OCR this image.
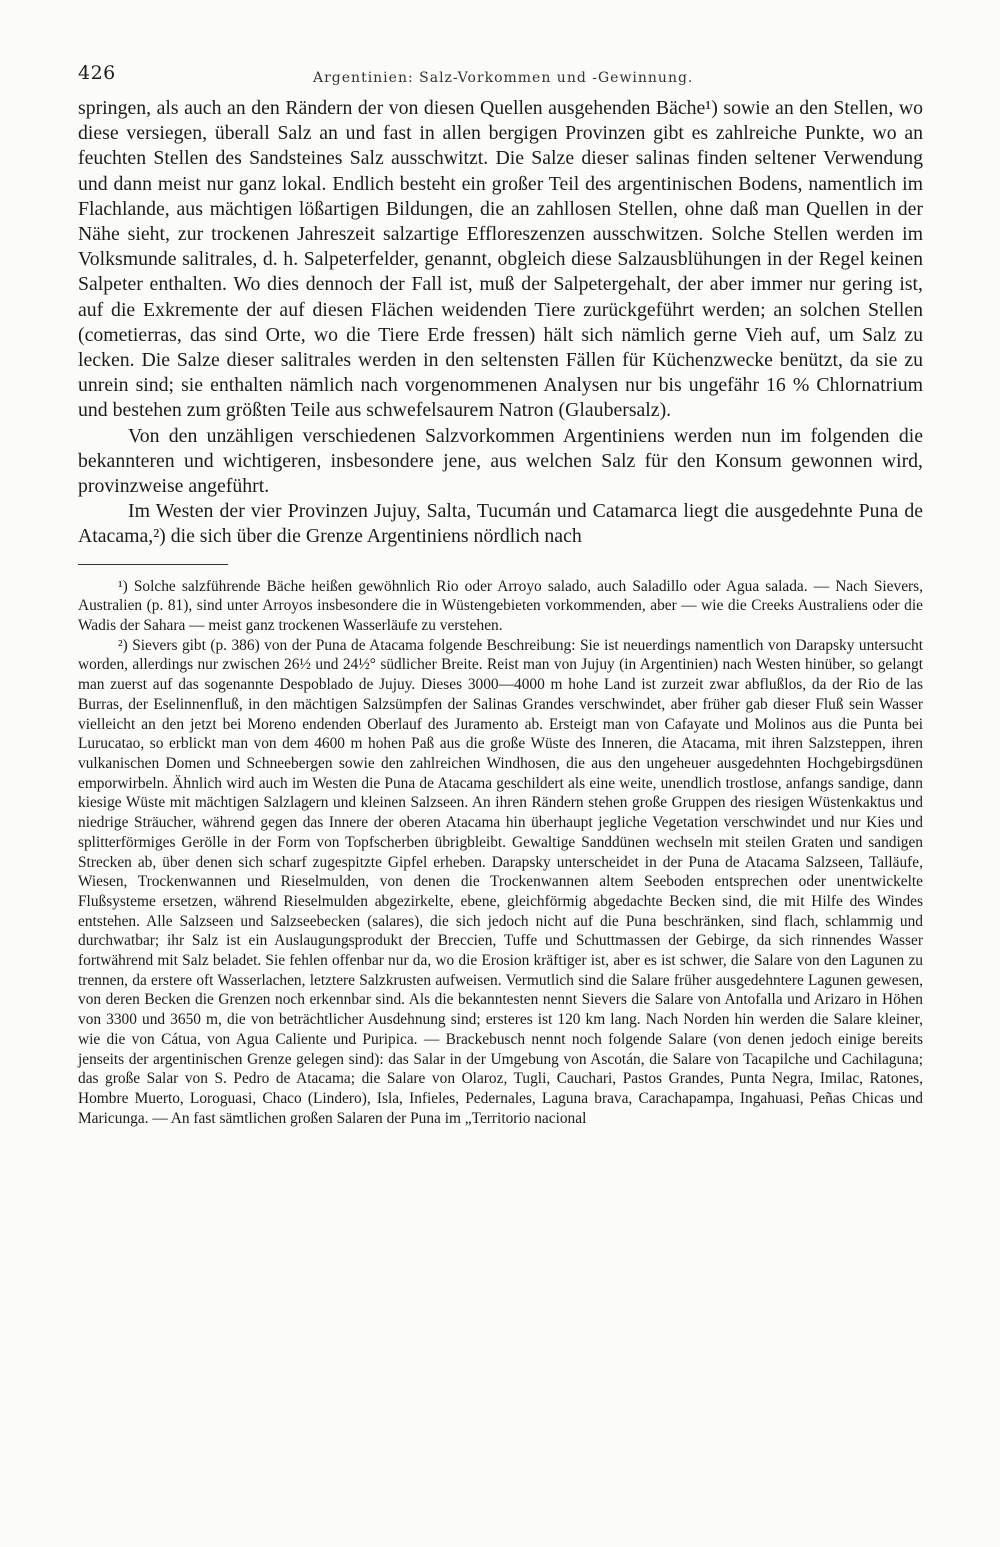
426	Argentinien: Salz-Vorkommen und -Gewinnung.

springen, als auch an den Rändern der von diesen Quellen ausgehenden Bäche¹) sowie an den Stellen, wo diese versiegen, überall Salz an und fast in allen bergigen Provinzen gibt es zahlreiche Punkte, wo an feuchten Stellen des Sandsteines Salz ausschwitzt. Die Salze dieser salinas finden seltener Verwendung und dann meist nur ganz lokal. Endlich besteht ein großer Teil des argentinischen Bodens, namentlich im Flachlande, aus mächtigen lößartigen Bildungen, die an zahllosen Stellen, ohne daß man Quellen in der Nähe sieht, zur trockenen Jahreszeit salzartige Effloreszenzen ausschwitzen. Solche Stellen werden im Volksmunde salitrales, d. h. Salpeterfelder, genannt, obgleich diese Salzausblühungen in der Regel keinen Salpeter enthalten. Wo dies dennoch der Fall ist, muß der Salpetergehalt, der aber immer nur gering ist, auf die Exkremente der auf diesen Flächen weidenden Tiere zurückgeführt werden; an solchen Stellen (cometierras, das sind Orte, wo die Tiere Erde fressen) hält sich nämlich gerne Vieh auf, um Salz zu lecken. Die Salze dieser salitrales werden in den seltensten Fällen für Küchenzwecke benützt, da sie zu unrein sind; sie enthalten nämlich nach vorgenommenen Analysen nur bis ungefähr 16 % Chlornatrium und bestehen zum größten Teile aus schwefelsaurem Natron (Glaubersalz).

Von den unzähligen verschiedenen Salzvorkommen Argentiniens werden nun im folgenden die bekannteren und wichtigeren, insbesondere jene, aus welchen Salz für den Konsum gewonnen wird, provinzweise angeführt.

Im Westen der vier Provinzen Jujuy, Salta, Tucumán und Catamarca liegt die ausgedehnte Puna de Atacama,²) die sich über die Grenze Argentiniens nördlich nach

¹) Solche salzführende Bäche heißen gewöhnlich Rio oder Arroyo salado, auch Saladillo oder Agua salada. — Nach Sievers, Australien (p. 81), sind unter Arroyos insbesondere die in Wüstengebieten vorkommenden, aber — wie die Creeks Australiens oder die Wadis der Sahara — meist ganz trockenen Wasserläufe zu verstehen.

²) Sievers gibt (p. 386) von der Puna de Atacama folgende Beschreibung: Sie ist neuerdings namentlich von Darapsky untersucht worden, allerdings nur zwischen 26½ und 24½° südlicher Breite. Reist man von Jujuy (in Argentinien) nach Westen hinüber, so gelangt man zuerst auf das sogenannte Despoblado de Jujuy. Dieses 3000—4000 m hohe Land ist zurzeit zwar abflußlos, da der Rio de las Burras, der Eselinnenfluß, in den mächtigen Salzsümpfen der Salinas Grandes verschwindet, aber früher gab dieser Fluß sein Wasser vielleicht an den jetzt bei Moreno endenden Oberlauf des Juramento ab. Ersteigt man von Cafayate und Molinos aus die Punta bei Lurucatao, so erblickt man von dem 4600 m hohen Paß aus die große Wüste des Inneren, die Atacama, mit ihren Salzsteppen, ihren vulkanischen Domen und Schneebergen sowie den zahlreichen Windhosen, die aus den ungeheuer ausgedehnten Hochgebirgsdünen emporwirbeln. Ähnlich wird auch im Westen die Puna de Atacama geschildert als eine weite, unendlich trostlose, anfangs sandige, dann kiesige Wüste mit mächtigen Salzlagern und kleinen Salzseen. An ihren Rändern stehen große Gruppen des riesigen Wüstenkaktus und niedrige Sträucher, während gegen das Innere der oberen Atacama hin überhaupt jegliche Vegetation verschwindet und nur Kies und splitterförmiges Gerölle in der Form von Topfscherben übrigbleibt. Gewaltige Sanddünen wechseln mit steilen Graten und sandigen Strecken ab, über denen sich scharf zugespitzte Gipfel erheben. Darapsky unterscheidet in der Puna de Atacama Salzseen, Talläufe, Wiesen, Trockenwannen und Rieselmulden, von denen die Trockenwannen altem Seeboden entsprechen oder unentwickelte Flußsysteme ersetzen, während Rieselmulden abgezirkelte, ebene, gleichförmig abgedachte Becken sind, die mit Hilfe des Windes entstehen. Alle Salzseen und Salzseebecken (salares), die sich jedoch nicht auf die Puna beschränken, sind flach, schlammig und durchwatbar; ihr Salz ist ein Auslaugungsprodukt der Breccien, Tuffe und Schuttmassen der Gebirge, da sich rinnendes Wasser fortwährend mit Salz beladet. Sie fehlen offenbar nur da, wo die Erosion kräftiger ist, aber es ist schwer, die Salare von den Lagunen zu trennen, da erstere oft Wasserlachen, letztere Salzkrusten aufweisen. Vermutlich sind die Salare früher ausgedehntere Lagunen gewesen, von deren Becken die Grenzen noch erkennbar sind. Als die bekanntesten nennt Sievers die Salare von Antofalla und Arizaro in Höhen von 3300 und 3650 m, die von beträchtlicher Ausdehnung sind; ersteres ist 120 km lang. Nach Norden hin werden die Salare kleiner, wie die von Cátua, von Agua Caliente und Puripica. — Brackebusch nennt noch folgende Salare (von denen jedoch einige bereits jenseits der argentinischen Grenze gelegen sind): das Salar in der Umgebung von Ascotán, die Salare von Tacapilche und Cachilaguna; das große Salar von S. Pedro de Atacama; die Salare von Olaroz, Tugli, Cauchari, Pastos Grandes, Punta Negra, Imilac, Ratones, Hombre Muerto, Loroguasi, Chaco (Lindero), Isla, Infieles, Pedernales, Laguna brava, Carachapampa, Ingahuasi, Peñas Chicas und Maricunga. — An fast sämtlichen großen Salaren der Puna im „Territorio nacional
